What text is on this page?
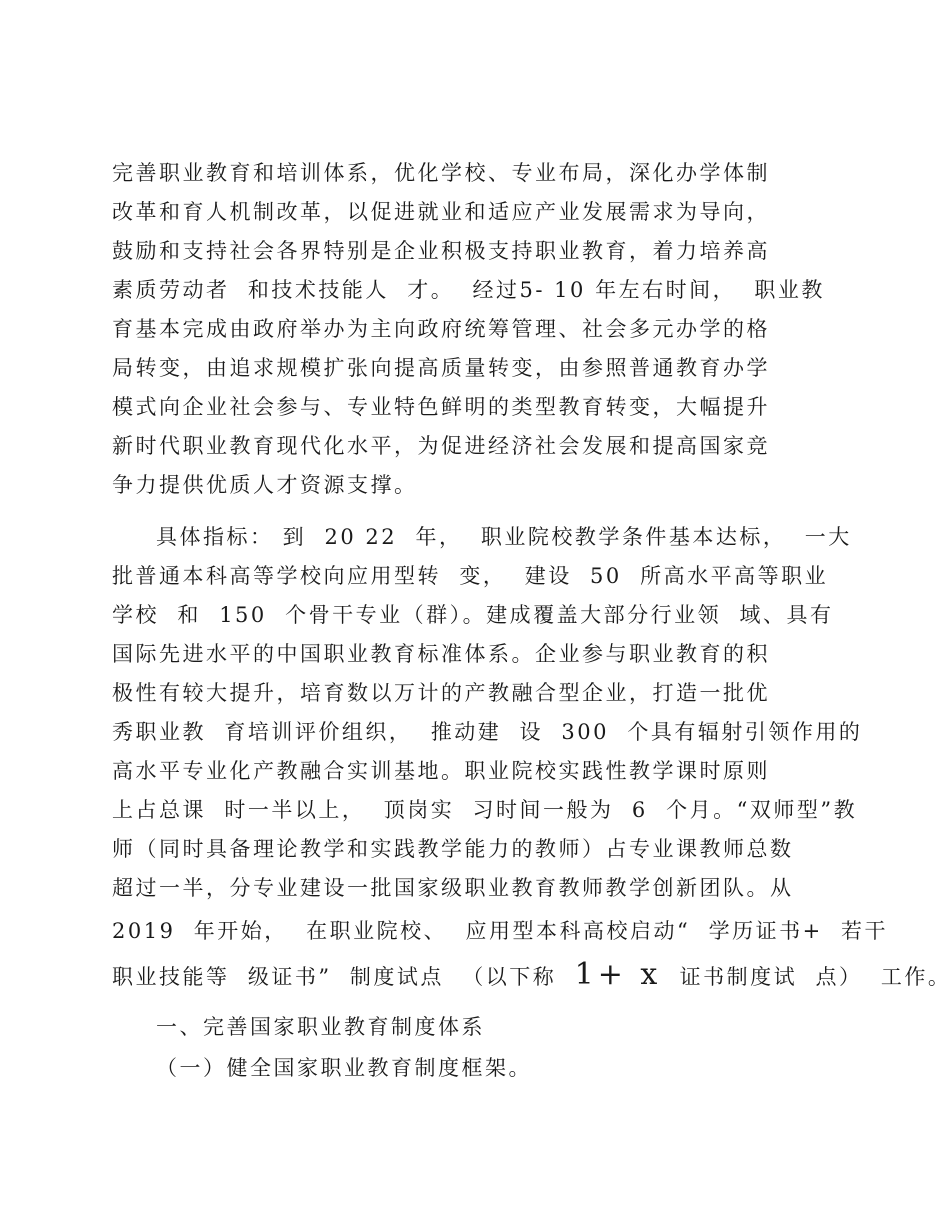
完善职业教育和培训体系，优化学校、专业布局，深化办学体制
改革和育人机制改革，以促进就业和适应产业发展需求为导向，
鼓励和支持社会各界特别是企业积极支持职业教育，着力培养高
素质劳动者  和技术技能人  才。  经过5- 10 年左右时间，  职业教
育基本完成由政府举办为主向政府统筹管理、社会多元办学的格
局转变，由追求规模扩张向提高质量转变，由参照普通教育办学
模式向企业社会参与、专业特色鲜明的类型教育转变，大幅提升
新时代职业教育现代化水平，为促进经济社会发展和提高国家竞
争力提供优质人才资源支撑。
具体指标： 到  20 22  年，  职业院校教学条件基本达标，  一大
批普通本科高等学校向应用型转  变，  建设  50  所高水平高等职业
学校  和  150  个骨干专业（群）。建成覆盖大部分行业领  域、具有
国际先进水平的中国职业教育标准体系。企业参与职业教育的积
极性有较大提升，培育数以万计的产教融合型企业，打造一批优
秀职业教  育培训评价组织，  推动建  设  300  个具有辐射引领作用的
高水平专业化产教融合实训基地。职业院校实践性教学课时原则
上占总课  时一半以上，  顶岗实  习时间一般为  6  个月。“双师型”教
师（同时具备理论教学和实践教学能力的教师）占专业课教师总数
超过一半，分专业建设一批国家级职业教育教师教学创新团队。从
2019  年开始，  在职业院校、  应用型本科高校启动“  学历证书+  若干
职业技能等  级证书”  制度试点  （以下称  1+ x  证书制度试  点）  工作。
一、完善国家职业教育制度体系
（一）健全国家职业教育制度框架。
